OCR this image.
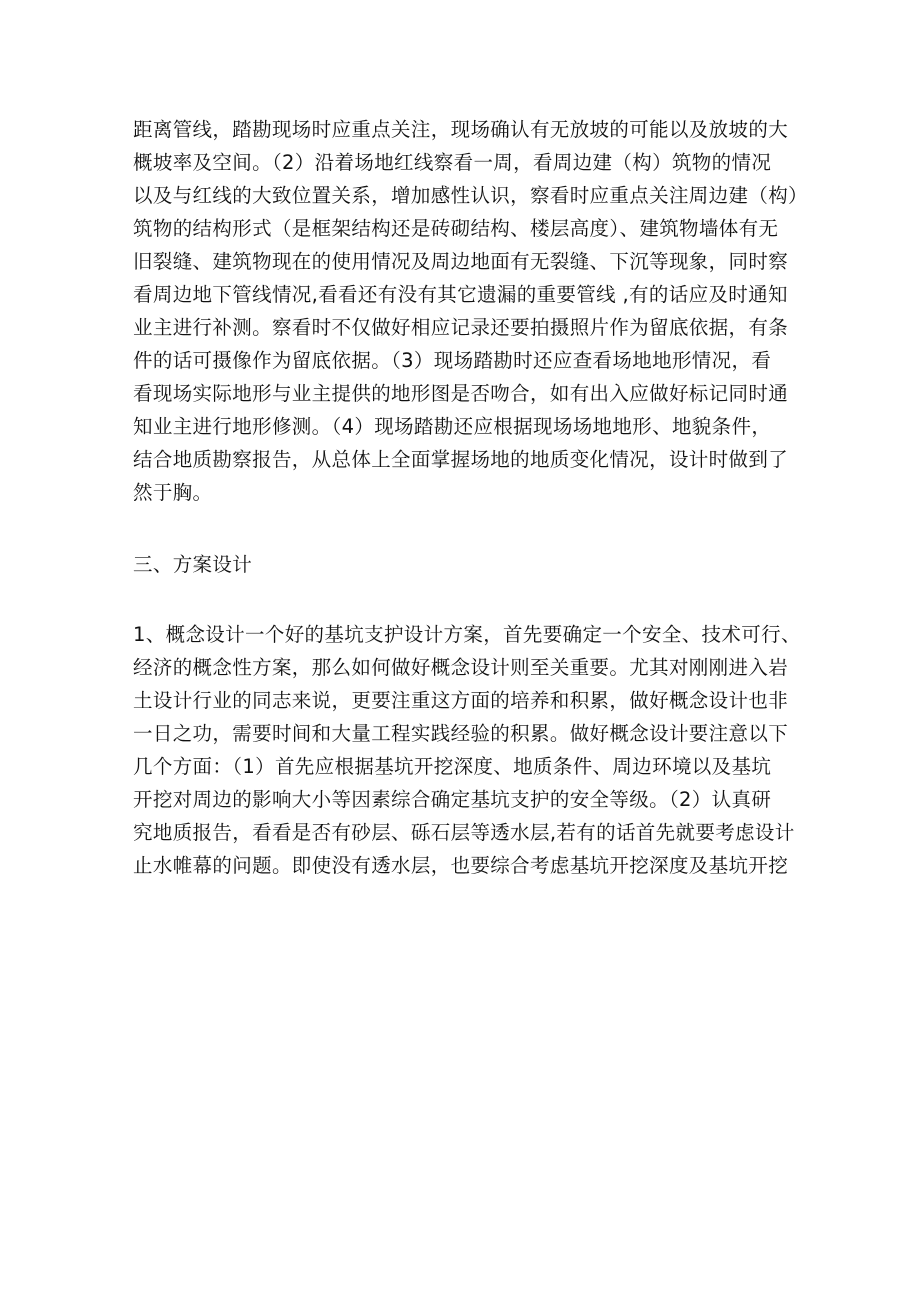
距离管线，踏勘现场时应重点关注，现场确认有无放坡的可能以及放坡的大
概坡率及空间。（2）沿着场地红线察看一周，看周边建（构）筑物的情况
以及与红线的大致位置关系，增加感性认识，察看时应重点关注周边建（构）
筑物的结构形式（是框架结构还是砖砌结构、楼层高度）、建筑物墙体有无
旧裂缝、建筑物现在的使用情况及周边地面有无裂缝、下沉等现象，同时察
看周边地下管线情况,看看还有没有其它遗漏的重要管线 ,有的话应及时通知
业主进行补测。察看时不仅做好相应记录还要拍摄照片作为留底依据，有条
件的话可摄像作为留底依据。（3）现场踏勘时还应查看场地地形情况，看
看现场实际地形与业主提供的地形图是否吻合，如有出入应做好标记同时通
知业主进行地形修测。（4）现场踏勘还应根据现场场地地形、地貌条件，
结合地质勘察报告，从总体上全面掌握场地的地质变化情况，设计时做到了
然于胸。
三、方案设计
1、概念设计一个好的基坑支护设计方案，首先要确定一个安全、技术可行、
经济的概念性方案，那么如何做好概念设计则至关重要。尤其对刚刚进入岩
土设计行业的同志来说，更要注重这方面的培养和积累，做好概念设计也非
一日之功，需要时间和大量工程实践经验的积累。做好概念设计要注意以下
几个方面：（1）首先应根据基坑开挖深度、地质条件、周边环境以及基坑
开挖对周边的影响大小等因素综合确定基坑支护的安全等级。（2）认真研
究地质报告，看看是否有砂层、砾石层等透水层,若有的话首先就要考虑设计
止水帷幕的问题。即使没有透水层，也要综合考虑基坑开挖深度及基坑开挖
